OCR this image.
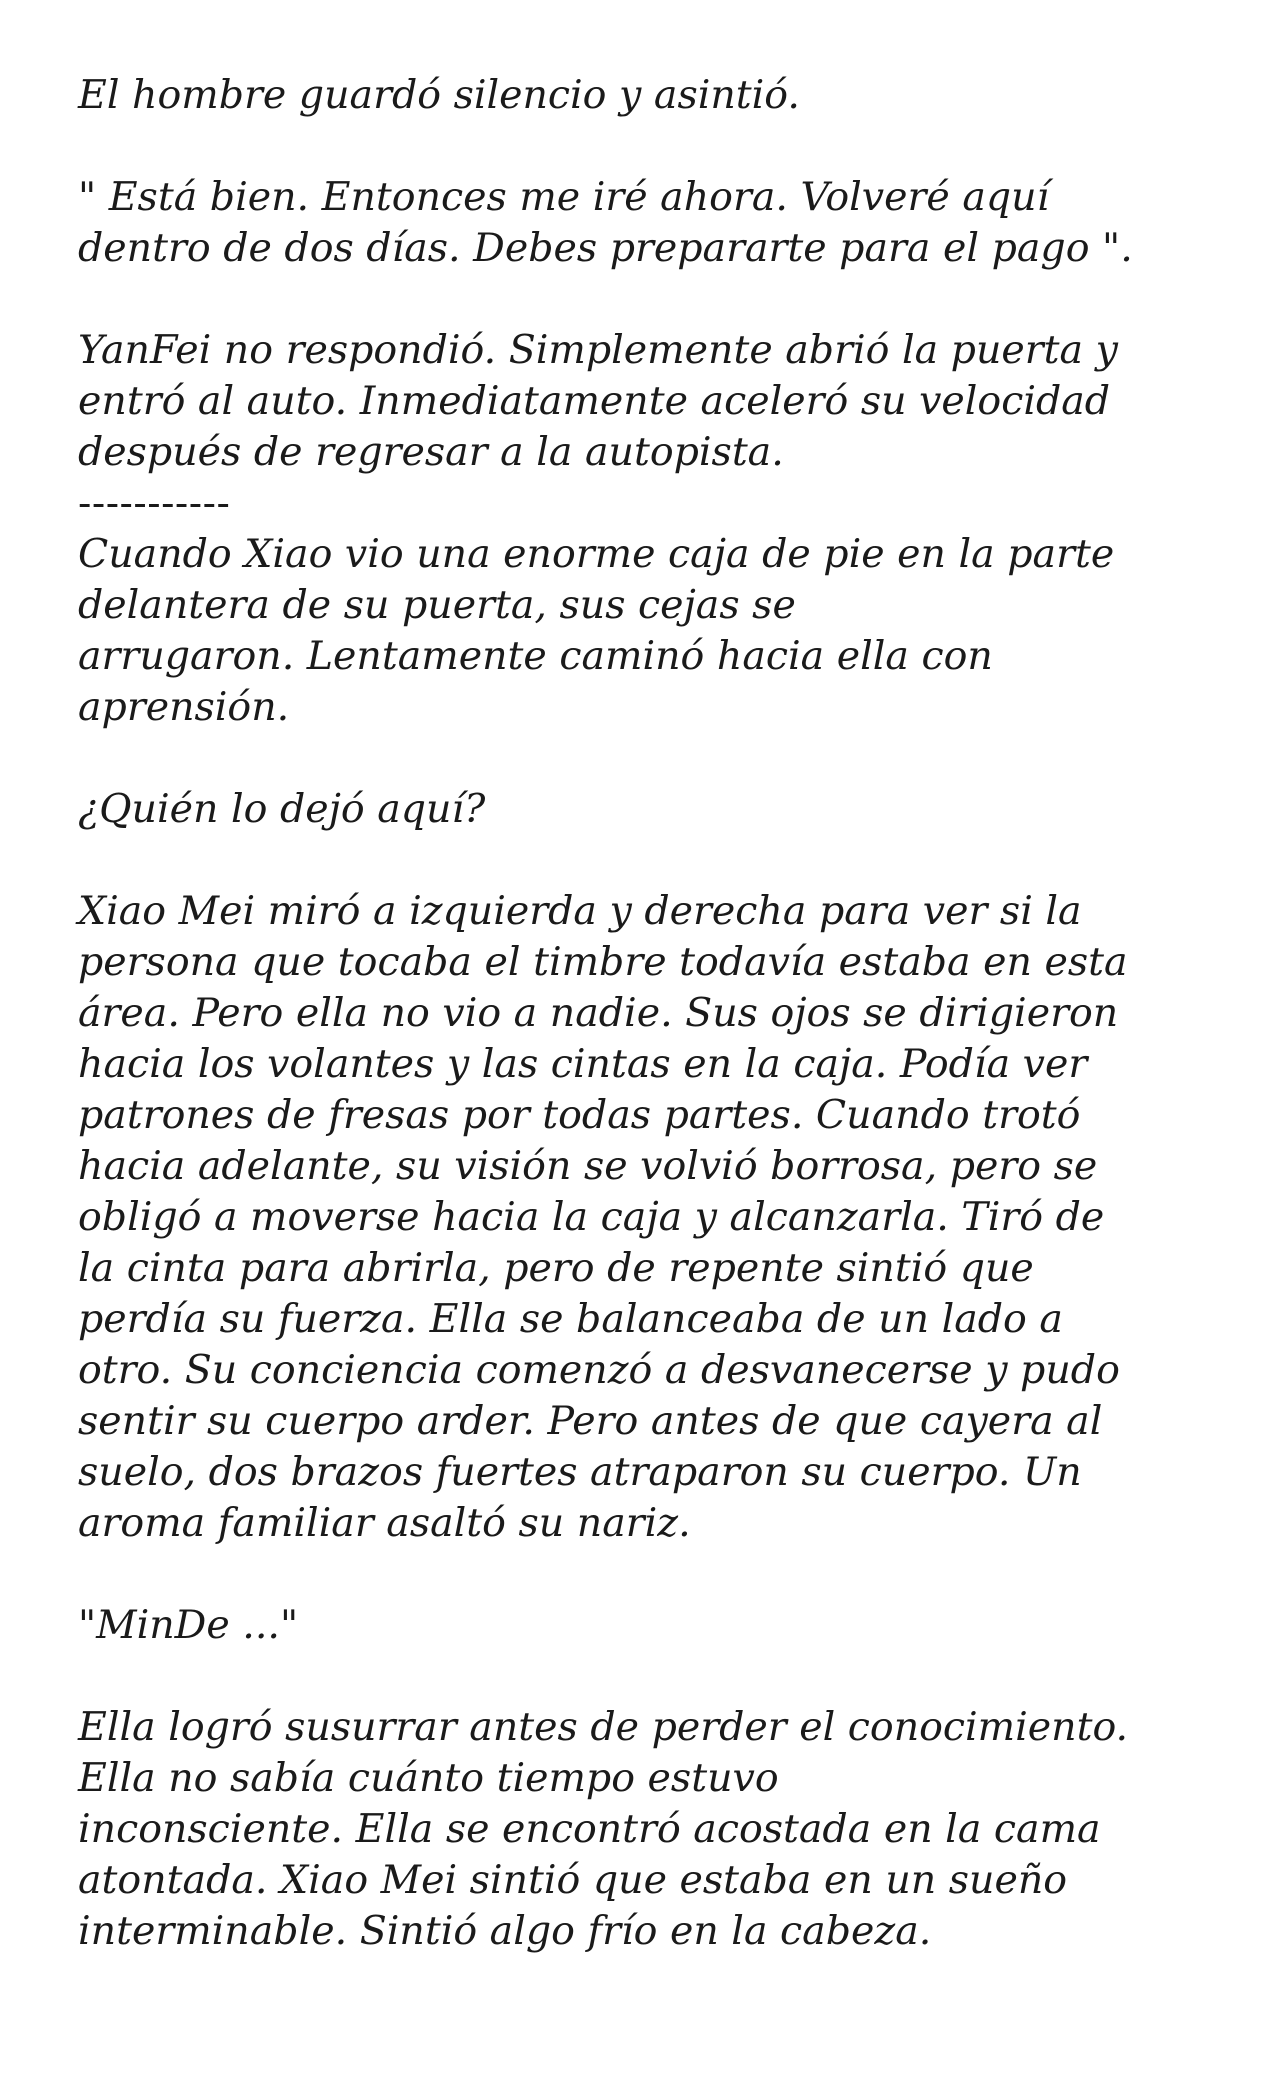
El hombre guardó silencio y asintió.

" Está bien. Entonces me iré ahora. Volveré aquí
dentro de dos días. Debes prepararte para el pago ".

YanFei no respondió. Simplemente abrió la puerta y
entró al auto. Inmediatamente aceleró su velocidad
después de regresar a la autopista.

-----------

Cuando Xiao vio una enorme caja de pie en la parte
delantera de su puerta, sus cejas se
arrugaron. Lentamente caminó hacia ella con
aprensión.

¿Quién lo dejó aquí?

Xiao Mei miró a izquierda y derecha para ver si la
persona que tocaba el timbre todavía estaba en esta
área. Pero ella no vio a nadie. Sus ojos se dirigieron
hacia los volantes y las cintas en la caja. Podía ver
patrones de fresas por todas partes. Cuando trotó
hacia adelante, su visión se volvió borrosa, pero se
obligó a moverse hacia la caja y alcanzarla. Tiró de
la cinta para abrirla, pero de repente sintió que
perdía su fuerza. Ella se balanceaba de un lado a
otro. Su conciencia comenzó a desvanecerse y pudo
sentir su cuerpo arder. Pero antes de que cayera al
suelo, dos brazos fuertes atraparon su cuerpo. Un
aroma familiar asaltó su nariz.

"MinDe ..."

Ella logró susurrar antes de perder el conocimiento.
Ella no sabía cuánto tiempo estuvo
inconsciente. Ella se encontró acostada en la cama
atontada. Xiao Mei sintió que estaba en un sueño
interminable. Sintió algo frío en la cabeza.
